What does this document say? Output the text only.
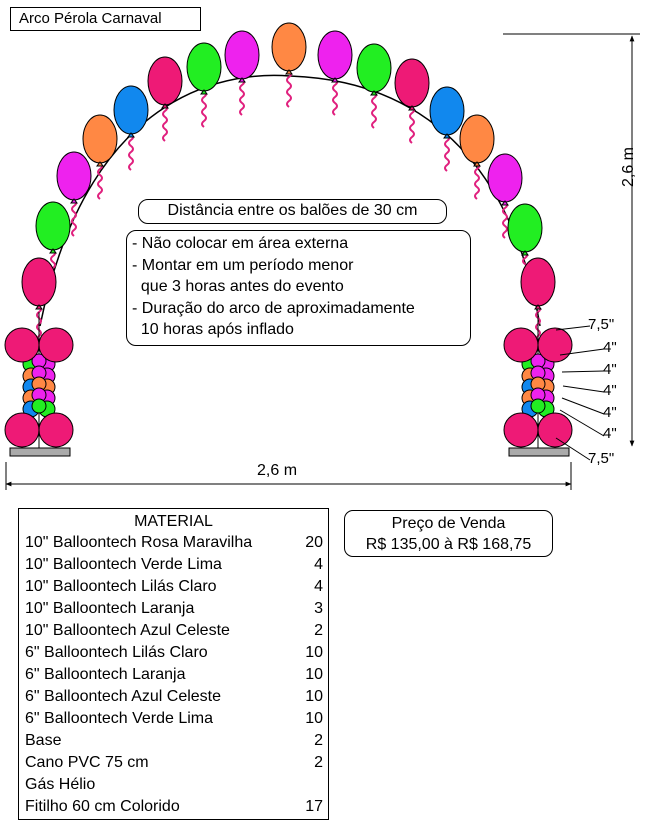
Arco Pérola Carnaval
Distância entre os balões de 30 cm
- Não colocar em área externa
- Montar em um período menor
que 3 horas antes do evento
- Duração do arco de aproximadamente
10 horas após inflado
2,6 m
2,6 m
7,5"
4"
4"
4"
4"
4"
7,5"
Preço de Venda
R$ 135,00 à R$ 168,75
MATERIAL
10" Balloontech Rosa Maravilha	20
10" Balloontech Verde Lima	4
10" Balloontech Lilás Claro	4
10" Balloontech Laranja	3
10" Balloontech Azul Celeste	2
6" Balloontech Lilás Claro	10
6" Balloontech Laranja	10
6" Balloontech Azul Celeste	10
6" Balloontech Verde Lima	10
Base	2
Cano PVC 75 cm	2
Gás Hélio
Fitilho 60 cm Colorido	17
